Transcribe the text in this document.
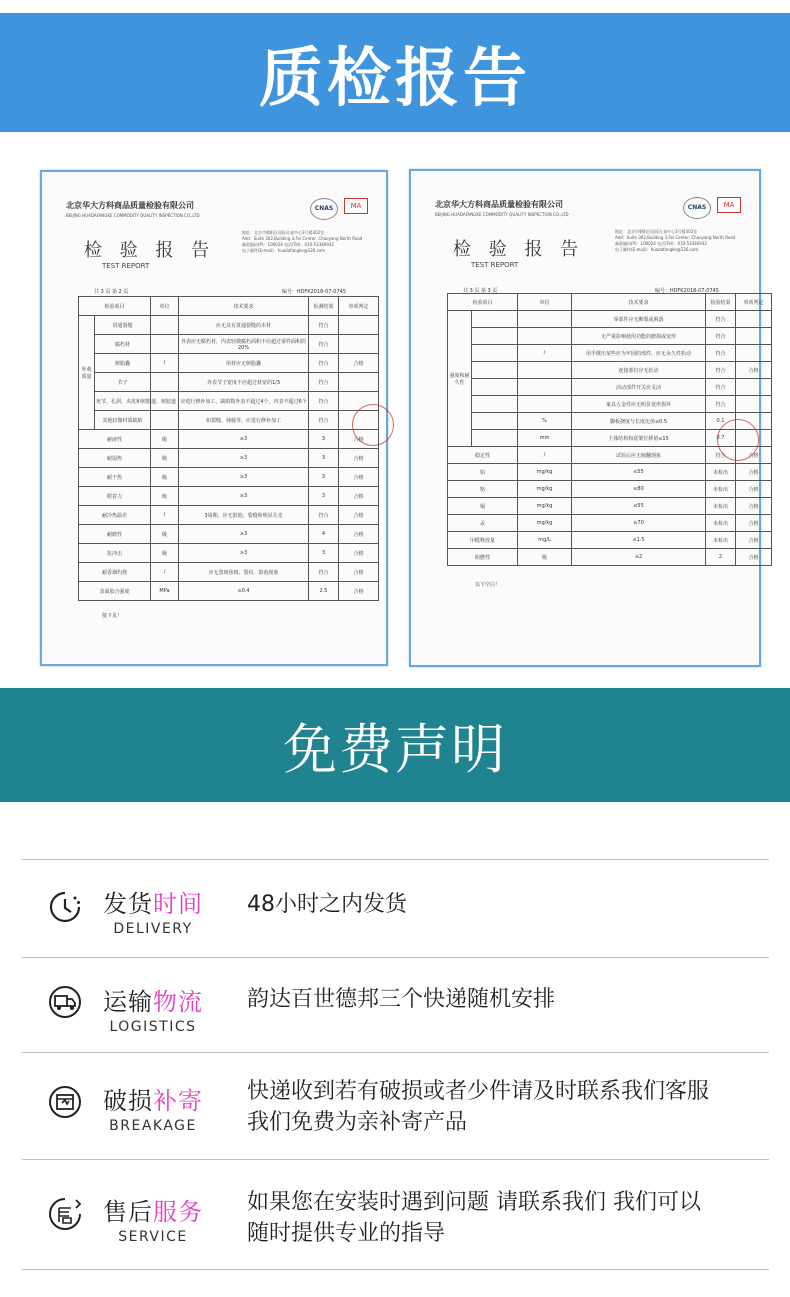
质检报告
北京华大方科商品质量检验有限公司
BEIJING HUADAFANGKE COMMODITY QUALITY INSPECTION CO.,LTD
CNAS	MA
地址：北京市朝阳区国际孔雀中心3号楼302室
Add：Suite 302,Building 3,Fei Center, Chaoyang North Road
邮政编码(P)：100024 电话(Tel)：010-53340932
电子邮件(E-mail)：huadafangke@126.com
检 验 报 告
TEST REPORT
共 3 页 第 2 页	编号：HDFK2018-07-0745
检验项目		单位	技术要求	检测结果	单项判定
外观质量	贯通裂缝		应无具有贯通裂缝的木材	符合	
	腐朽材		外表应无腐朽材，内表轻微腐朽面积不应超过零件面积的20%	符合	
	树脂囊	/	用材应无树脂囊	符合	合格
	节子		外表节子宽度不应超过材宽的1/3	符合	
	死节、孔洞、夹皮和树脂道、树胶道		应进行修补加工，缺陷数外表不超过4个，内表不超过6个	符合	
	其他轻微材质缺陷		如裂缝、钝棱等，应进行修补加工	符合	
耐液性		级	≥3	3	合格
耐湿热		级	≥3	3	合格
耐干热		级	≥3	3	合格
附着力		级	≥3	3	合格
耐冷热温差		/	3周期，应无鼓泡、裂缝和明显失光	符合	合格
耐磨性		级	≥3	4	合格
抗冲击		级	≥3	3	合格
耐香烟灼烧		/	应无黑斑焦斑、裂纹、鼓泡现象	符合	合格
表面胶合强度		MPa	≥0.4	2.5	合格
接下页！
北京华大方科商品质量检验有限公司
BEIJING HUADAFANGKE COMMODITY QUALITY INSPECTION CO.,LTD
CNAS	MA
地址：北京市朝阳区国际孔雀中心3号楼302室
Add：Suite 302,Building 3,Fei Center, Chaoyang North Road
邮政编码(P)：100024 电话(Tel)：010-53340932
电子邮件(E-mail)：huadafangke@126.com
检 验 报 告
TEST REPORT
共 3 页 第 3 页	编号：HDFK2018-07-0745
检验项目		单位	技术要求	检验结果	单项判定
强度和耐久性			零部件应无断裂或脱落	符合	
			无严重影响使用功能的磨损或变形	符合	
		/	用手揿压某些应为牢固的部件，应无永久性松动	符合	
			连接部位应无松动	符合	合格
			活动部件开关应灵活	符合	
			家具五金件应无明显变形损坏	符合	
		%	脚板挠度与长度比值≤0.5	0.1	
		mm	主体结构和底架位移值≤15	0.7	
稳定性		/	试验后应无倾翻现象	符合	合格
铅		mg/kg	≤55	未检出	合格
铬		mg/kg	≤80	未检出	合格
镉		mg/kg	≤55	未检出	合格
汞		mg/kg	≤70	未检出	合格
甲醛释放量		mg/L	≤1.5	未检出	合格
阻燃性		级	≥2	2	合格
以下空白！
免费声明
发货时间
DELIVERY
48小时之内发货
运输物流
LOGISTICS
韵达百世德邦三个快递随机安排
破损补寄
BREAKAGE
快递收到若有破损或者少件请及时联系我们客服
我们免费为亲补寄产品
售后服务
SERVICE
如果您在安装时遇到问题 请联系我们 我们可以
随时提供专业的指导
